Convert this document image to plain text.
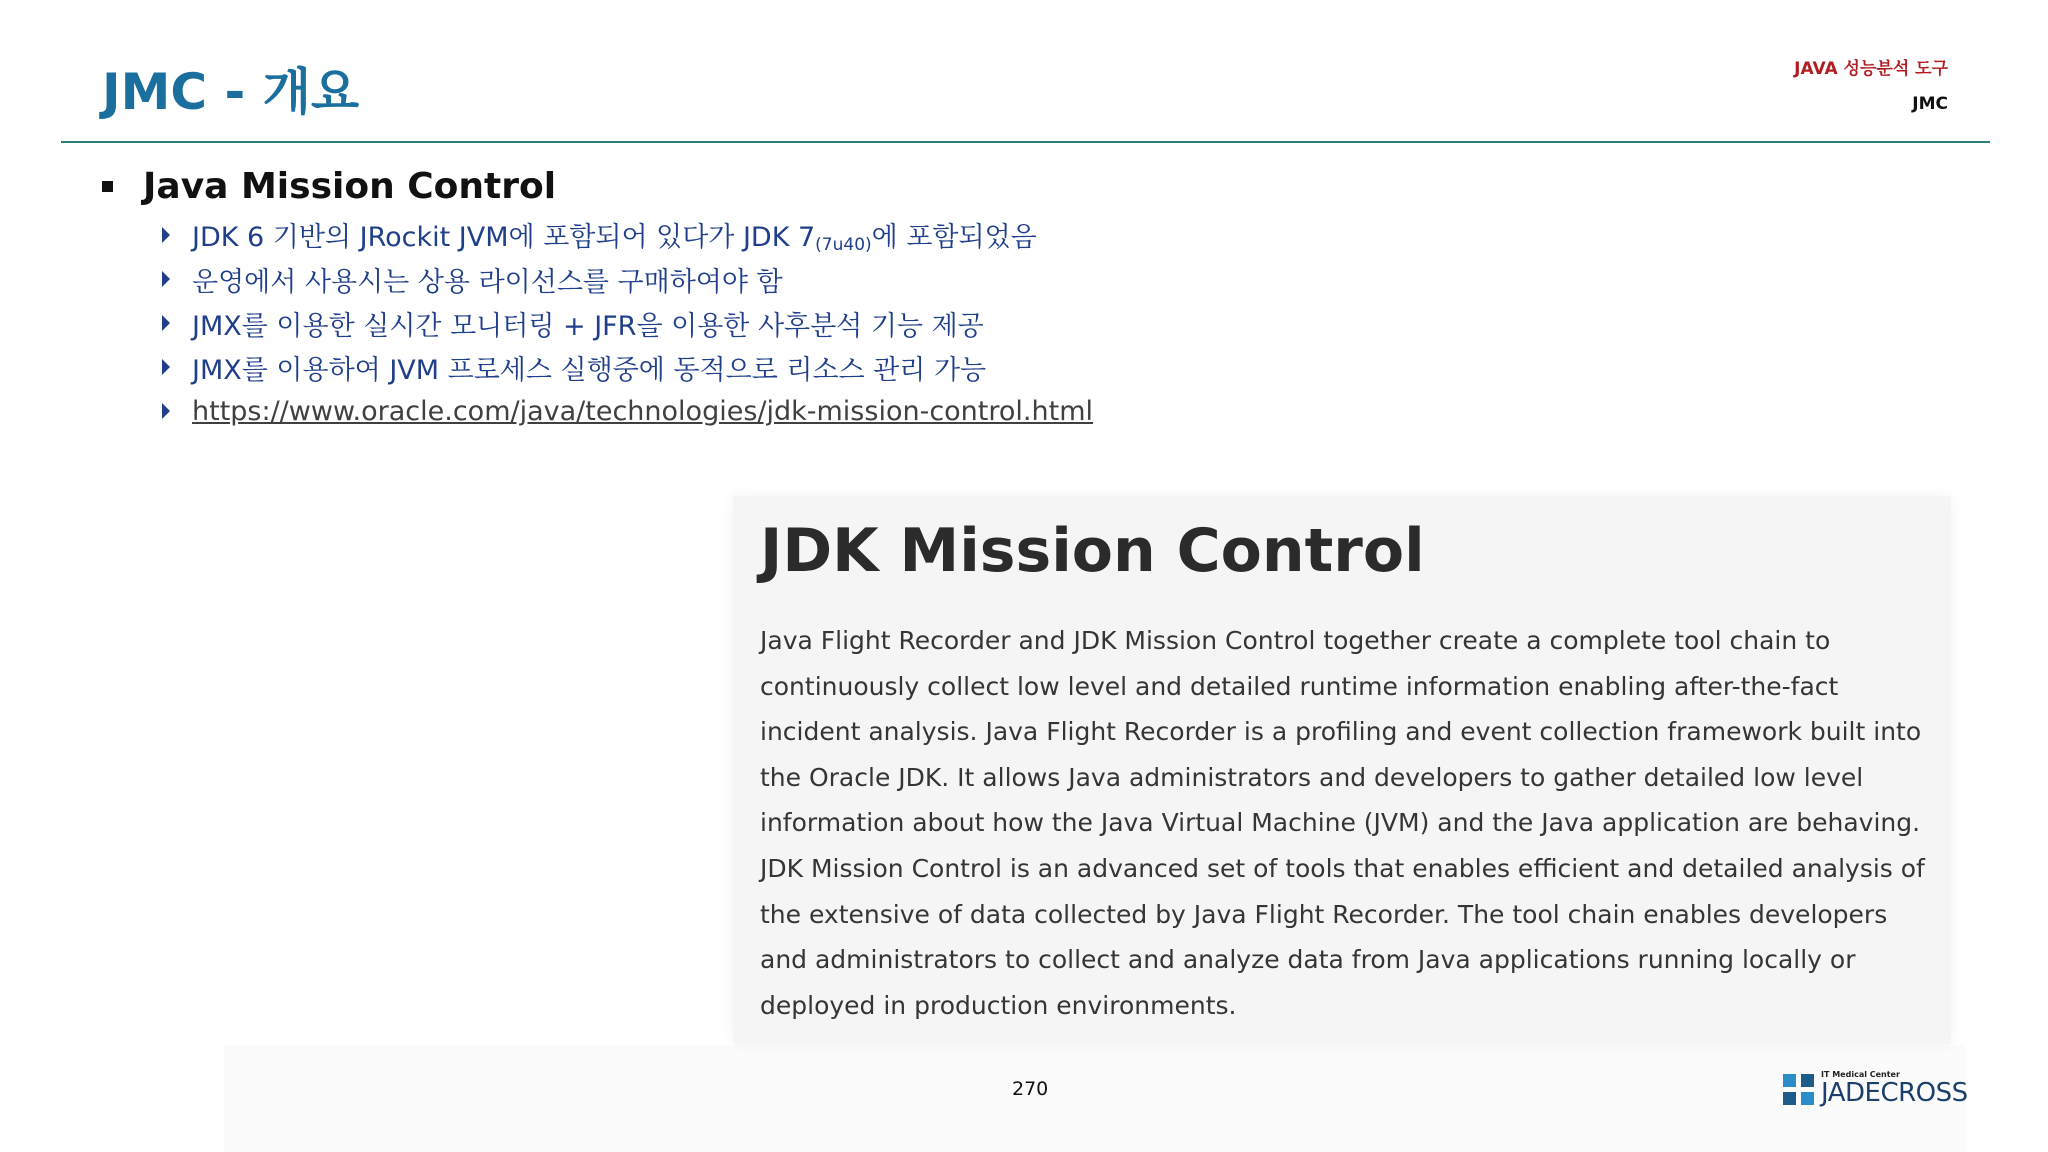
JMC - 개요	JAVA 성능분석 도구
JMC
Java Mission Control
JDK 6 기반의 JRockit JVM에 포함되어 있다가 JDK $7_{(7u40)}$에 포함되었음
운영에서 사용시는 상용 라이선스를 구매하여야 함
JMX를 이용한 실시간 모니터링 + JFR을 이용한 사후분석 기능 제공
JMX를 이용하여 JVM 프로세스 실행중에 동적으로 리소스 관리 가능
https://www.oracle.com/java/technologies/jdk-mission-control.html
JDK Mission Control

Java Flight Recorder and JDK Mission Control together create a complete tool chain to continuously collect low level and detailed runtime information enabling after-the-fact incident analysis. Java Flight Recorder is a profiling and event collection framework built into the Oracle JDK. It allows Java administrators and developers to gather detailed low level information about how the Java Virtual Machine (JVM) and the Java application are behaving. JDK Mission Control is an advanced set of tools that enables efficient and detailed analysis of the extensive of data collected by Java Flight Recorder. The tool chain enables developers and administrators to collect and analyze data from Java applications running locally or deployed in production environments.

270
IT Medical Center
JADECROSS
